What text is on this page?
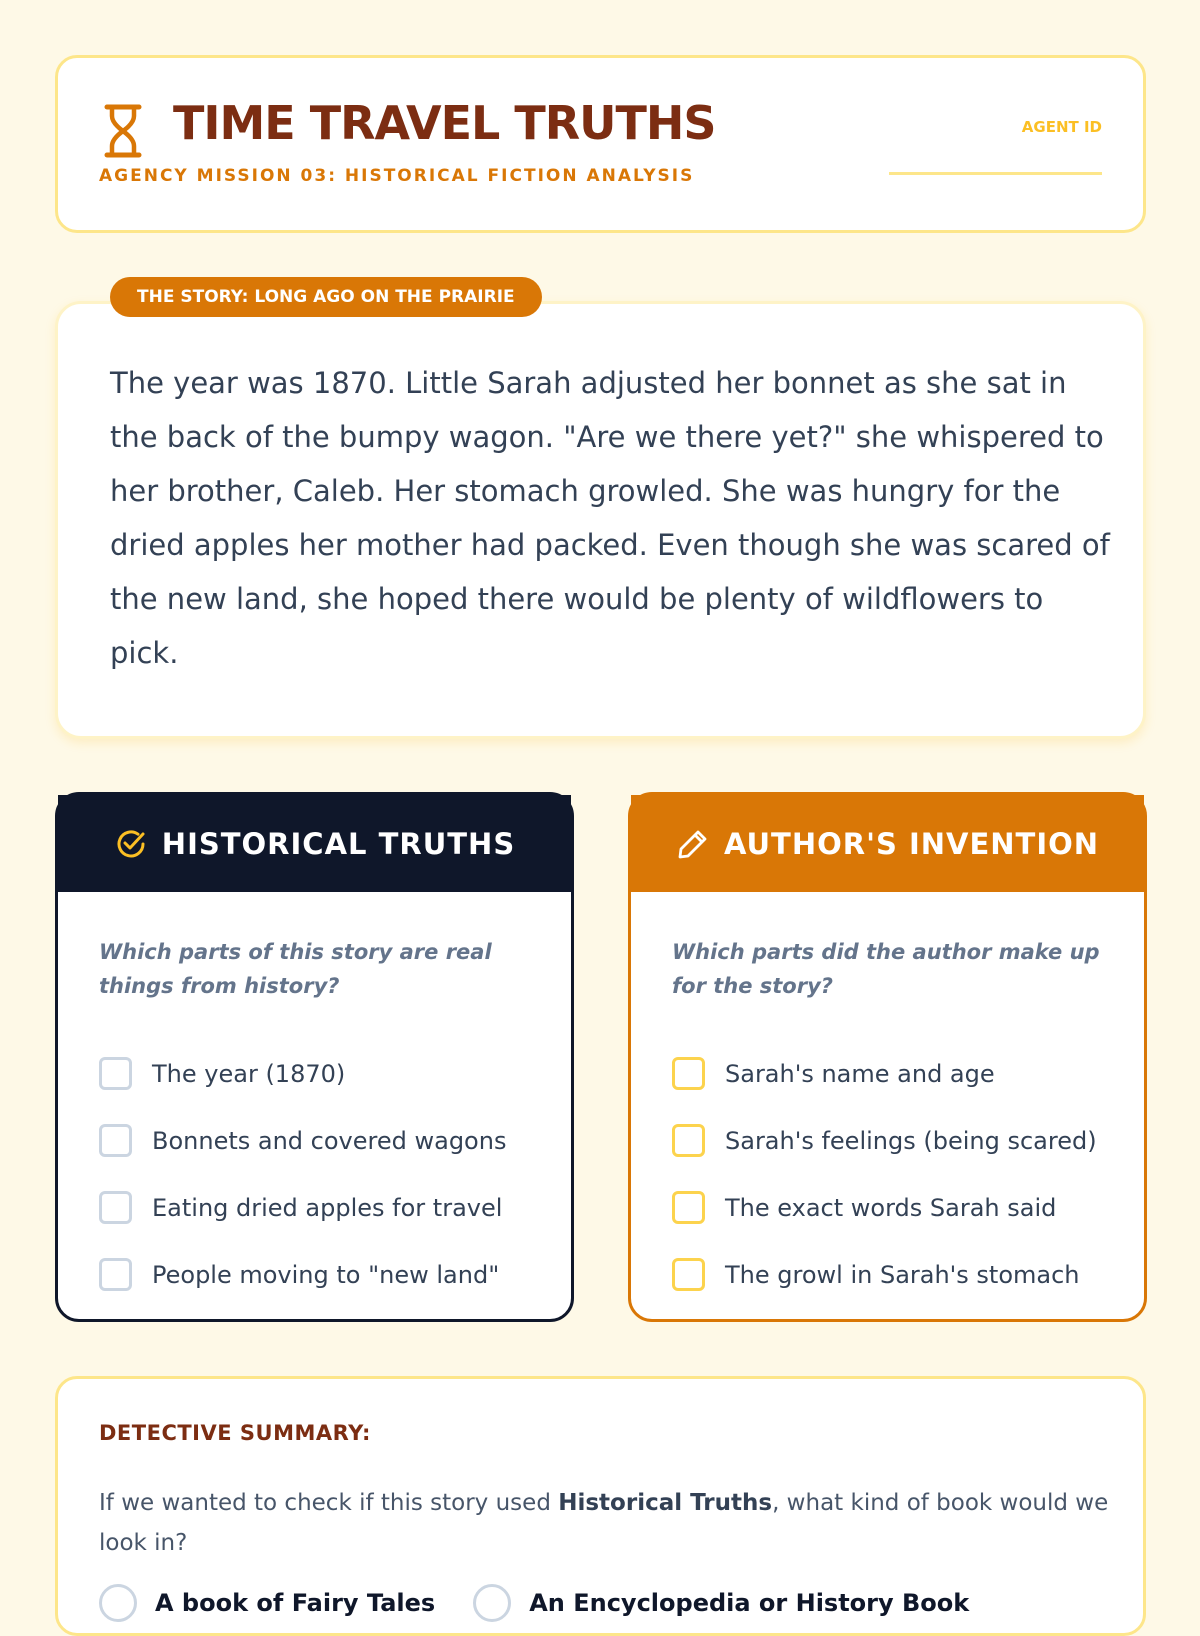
TIME TRAVEL TRUTHS
AGENCY MISSION 03: HISTORICAL FICTION ANALYSIS
AGENT ID
THE STORY: LONG AGO ON THE PRAIRIE

The year was 1870. Little Sarah adjusted her bonnet as she sat in the back of the bumpy wagon. "Are we there yet?" she whispered to her brother, Caleb. Her stomach growled. She was hungry for the dried apples her mother had packed. Even though she was scared of the new land, she hoped there would be plenty of wildflowers to pick.

HISTORICAL TRUTHS

Which parts of this story are real things from history?

The year (1870)
Bonnets and covered wagons
Eating dried apples for travel
People moving to "new land"
AUTHOR'S INVENTION

Which parts did the author make up for the story?

Sarah's name and age
Sarah's feelings (being scared)
The exact words Sarah said
The growl in Sarah's stomach
DETECTIVE SUMMARY:

If we wanted to check if this story used Historical Truths, what kind of book would we look in?

A book of Fairy Tales	An Encyclopedia or History Book
